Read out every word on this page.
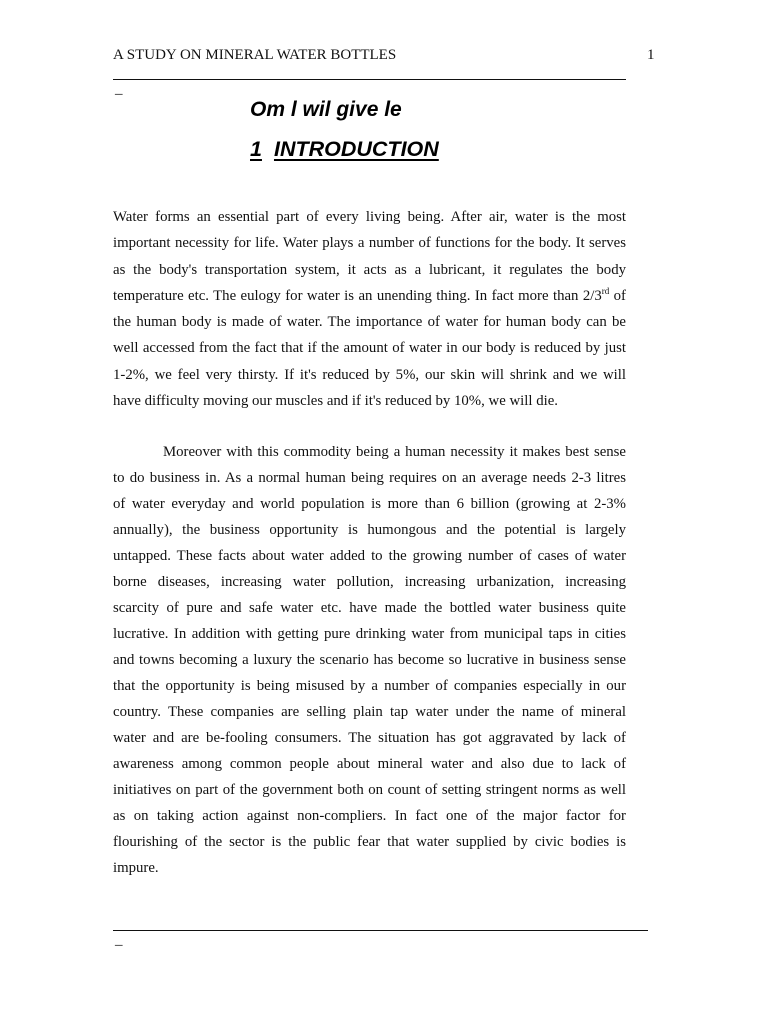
A STUDY ON MINERAL WATER BOTTLES	1
_
Om l wil give le
1 INTRODUCTION
Water forms an essential part of every living being. After air, water is the most
important necessity for life. Water plays a number of functions for the body. It serves
as the body's transportation system, it acts as a lubricant, it regulates the body
temperature etc. The eulogy for water is an unending thing. In fact more than 2/3rd of
the human body is made of water. The importance of water for human body can be
well accessed from the fact that if the amount of water in our body is reduced by just
1-2%, we feel very thirsty. If it's reduced by 5%, our skin will shrink and we will
have difficulty moving our muscles and if it's reduced by 10%, we will die.
Moreover with this commodity being a human necessity it makes best sense
to do business in. As a normal human being requires on an average needs 2-3 litres
of water everyday and world population is more than 6 billion (growing at 2-3%
annually), the business opportunity is humongous and the potential is largely
untapped. These facts about water added to the growing number of cases of water
borne diseases, increasing water pollution, increasing urbanization, increasing
scarcity of pure and safe water etc. have made the bottled water business quite
lucrative. In addition with getting pure drinking water from municipal taps in cities
and towns becoming a luxury the scenario has become so lucrative in business sense
that the opportunity is being misused by a number of companies especially in our
country. These companies are selling plain tap water under the name of mineral
water and are be-fooling consumers. The situation has got aggravated by lack of
awareness among common people about mineral water and also due to lack of
initiatives on part of the government both on count of setting stringent norms as well
as on taking action against non-compliers. In fact one of the major factor for
flourishing of the sector is the public fear that water supplied by civic bodies is
impure.
_
